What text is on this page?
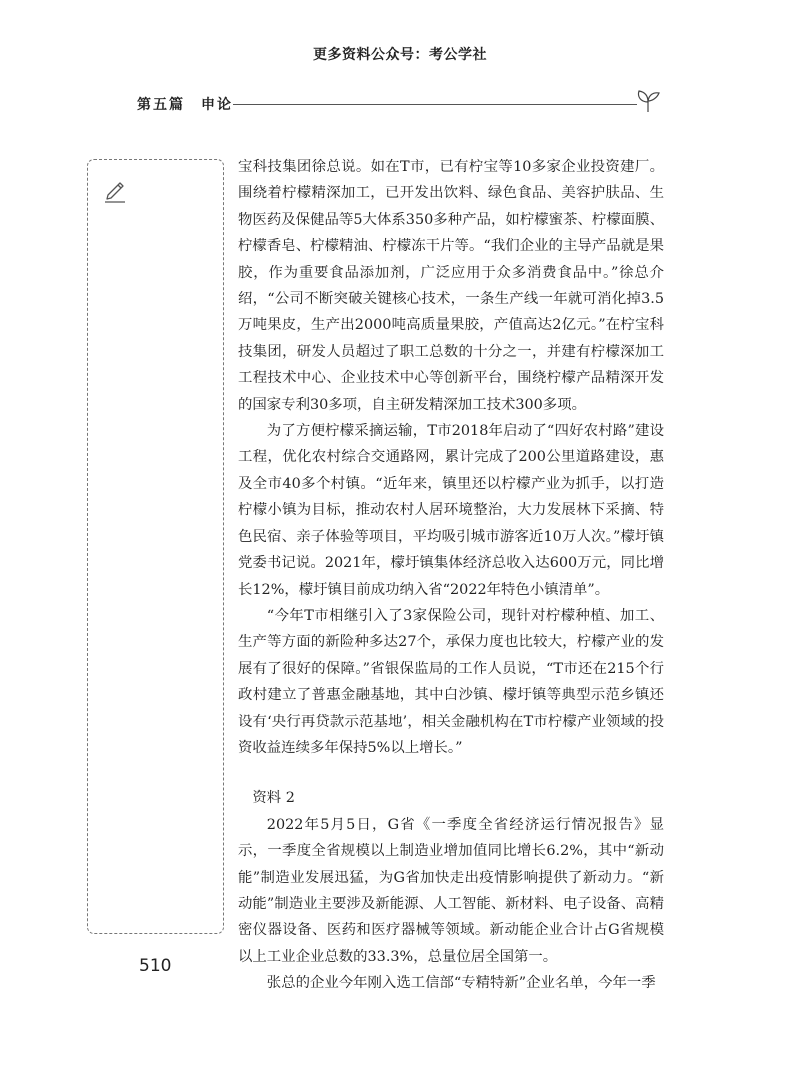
更多资料公众号：考公学社
第五篇　申论

宝科技集团徐总说。如在T市，已有柠宝等10多家企业投资建厂。围绕着柠檬精深加工，已开发出饮料、绿色食品、美容护肤品、生物医药及保健品等5大体系350多种产品，如柠檬蜜茶、柠檬面膜、柠檬香皂、柠檬精油、柠檬冻干片等。“我们企业的主导产品就是果胶，作为重要食品添加剂，广泛应用于众多消费食品中。”徐总介绍，“公司不断突破关键核心技术，一条生产线一年就可消化掉3.5万吨果皮，生产出2000吨高质量果胶，产值高达2亿元。”在柠宝科技集团，研发人员超过了职工总数的十分之一，并建有柠檬深加工工程技术中心、企业技术中心等创新平台，围绕柠檬产品精深开发的国家专利30多项，自主研发精深加工技术300多项。

为了方便柠檬采摘运输，T市2018年启动了“四好农村路”建设工程，优化农村综合交通路网，累计完成了200公里道路建设，惠及全市40多个村镇。“近年来，镇里还以柠檬产业为抓手，以打造柠檬小镇为目标，推动农村人居环境整治，大力发展林下采摘、特色民宿、亲子体验等项目，平均吸引城市游客近10万人次。”檬圩镇党委书记说。2021年，檬圩镇集体经济总收入达600万元，同比增长12%，檬圩镇目前成功纳入省“2022年特色小镇清单”。

“今年T市相继引入了3家保险公司，现针对柠檬种植、加工、生产等方面的新险种多达27个，承保力度也比较大，柠檬产业的发展有了很好的保障。”省银保监局的工作人员说，“T市还在215个行政村建立了普惠金融基地，其中白沙镇、檬圩镇等典型示范乡镇还设有‘央行再贷款示范基地’，相关金融机构在T市柠檬产业领域的投资收益连续多年保持5%以上增长。”

资料 2

2022年5月5日，G省《一季度全省经济运行情况报告》显示，一季度全省规模以上制造业增加值同比增长6.2%，其中“新动能”制造业发展迅猛，为G省加快走出疫情影响提供了新动力。“新动能”制造业主要涉及新能源、人工智能、新材料、电子设备、高精密仪器设备、医药和医疗器械等领域。新动能企业合计占G省规模以上工业企业总数的33.3%，总量位居全国第一。

张总的企业今年刚入选工信部“专精特新”企业名单，今年一季

510
